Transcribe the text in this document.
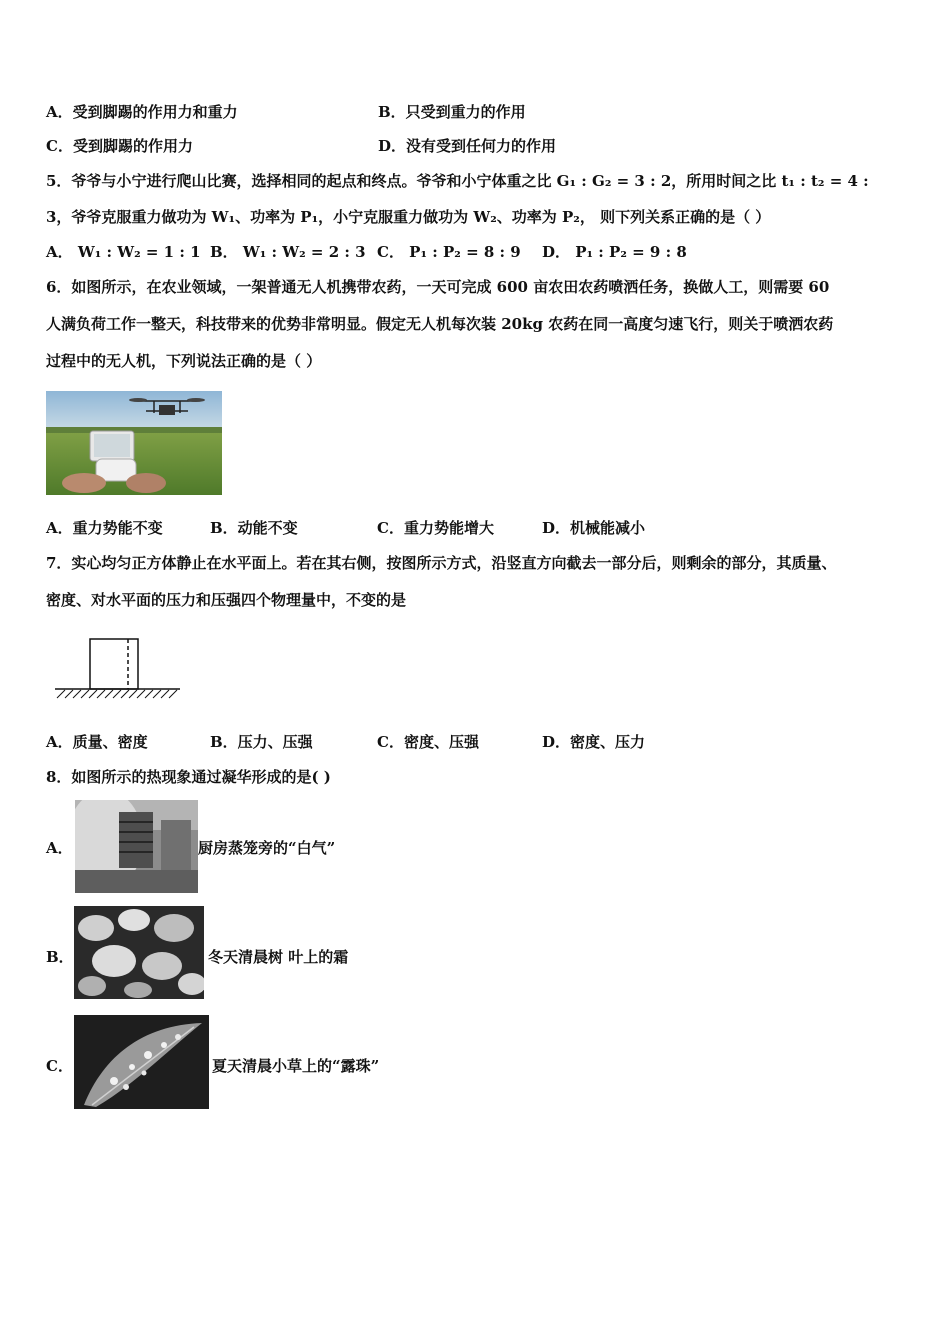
A．受到脚踢的作用力和重力	B．只受到重力的作用
C．受到脚踢的作用力	D．没有受到任何力的作用
5．爷爷与小宁进行爬山比赛，选择相同的起点和终点。爷爷和小宁体重之比 G₁ : G₂ = 3 : 2，所用时间之比 t₁ : t₂ = 4 :
3，爷爷克服重力做功为 W₁、功率为 P₁，小宁克服重力做功为 W₂、功率为 P₂， 则下列关系正确的是（ ）
A． W₁ : W₂ = 1 : 1 B． W₁ : W₂ = 2 : 3 C． P₁ : P₂ = 8 : 9 D． P₁ : P₂ = 9 : 8
6．如图所示，在农业领域，一架普通无人机携带农药，一天可完成 600 亩农田农药喷洒任务，换做人工，则需要 60
人满负荷工作一整天，科技带来的优势非常明显。假定无人机每次装 20kg 农药在同一高度匀速飞行，则关于喷洒农药
过程中的无人机，下列说法正确的是（ ）
A．重力势能不变	B．动能不变	C．重力势能增大	D．机械能减小
7．实心均匀正方体静止在水平面上。若在其右侧，按图所示方式，沿竖直方向截去一部分后，则剩余的部分，其质量、
密度、对水平面的压力和压强四个物理量中，不变的是
A．质量、密度	B．压力、压强	C．密度、压强	D．密度、压力
8．如图所示的热现象通过凝华形成的是( )
A．	厨房蒸笼旁的“白气”
B．	冬天清晨树 叶上的霜
C．	夏天清晨小草上的“露珠”
